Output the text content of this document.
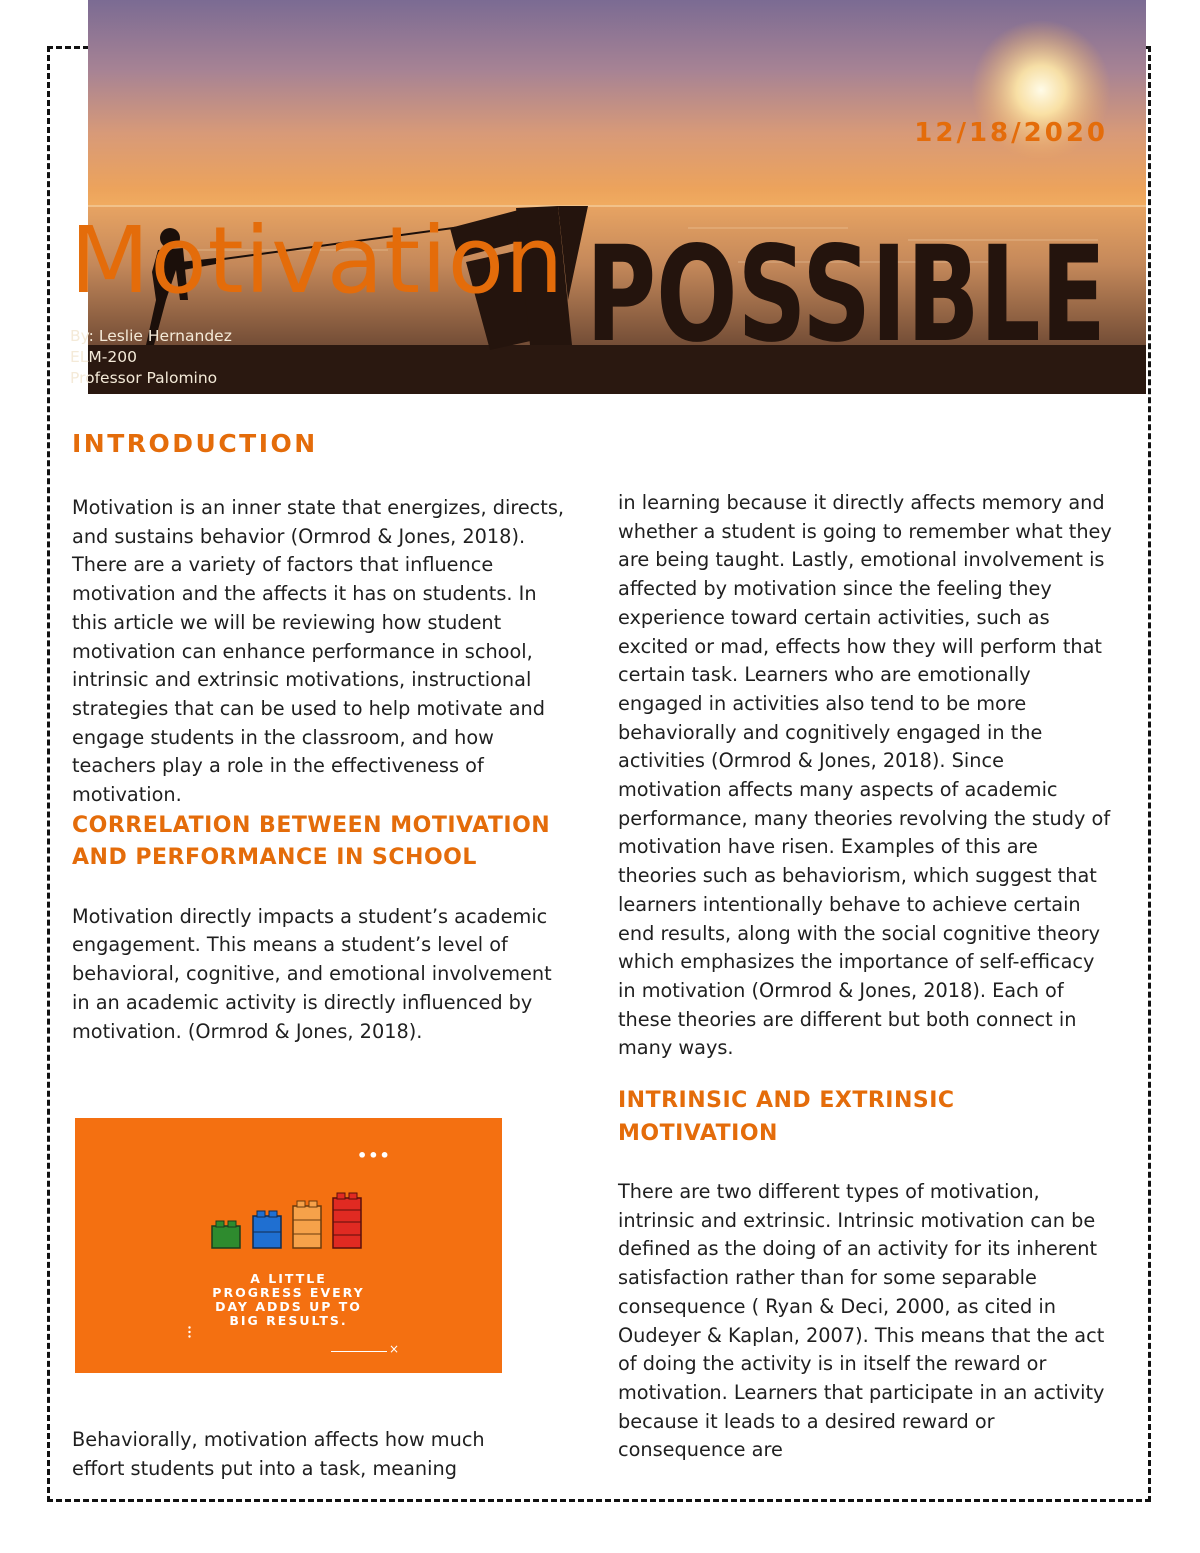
POSSIBLE
12/18/2020
Motivation
By: Leslie Hernandez
ELM-200
Professor Palomino
INTRODUCTION

Motivation is an inner state that energizes, directs, and sustains behavior (Ormrod & Jones, 2018). There are a variety of factors that influence motivation and the affects it has on students. In this article we will be reviewing how student motivation can enhance performance in school, intrinsic and extrinsic motivations, instructional strategies that can be used to help motivate and engage students in the classroom, and how teachers play a role in the effectiveness of motivation.

CORRELATION BETWEEN MOTIVATION AND PERFORMANCE IN SCHOOL

Motivation directly impacts a student’s academic engagement. This means a student’s level of behavioral, cognitive, and emotional involvement in an academic activity is directly influenced by motivation. (Ormrod & Jones, 2018).

•••
A LITTLE
PROGRESS EVERY
DAY ADDS UP TO
BIG RESULTS.
×

Behaviorally, motivation affects how much effort students put into a task, meaning

in learning because it directly affects memory and whether a student is going to remember what they are being taught. Lastly, emotional involvement is affected by motivation since the feeling they experience toward certain activities, such as excited or mad, effects how they will perform that certain task. Learners who are emotionally engaged in activities also tend to be more behaviorally and cognitively engaged in the activities (Ormrod & Jones, 2018). Since motivation affects many aspects of academic performance, many theories revolving the study of motivation have risen. Examples of this are theories such as behaviorism, which suggest that learners intentionally behave to achieve certain end results, along with the social cognitive theory which emphasizes the importance of self-efficacy in motivation (Ormrod & Jones, 2018). Each of these theories are different but both connect in many ways.

INTRINSIC AND EXTRINSIC MOTIVATION

There are two different types of motivation, intrinsic and extrinsic. Intrinsic motivation can be defined as the doing of an activity for its inherent satisfaction rather than for some separable consequence ( Ryan & Deci, 2000, as cited in Oudeyer & Kaplan, 2007). This means that the act of doing the activity is in itself the reward or motivation. Learners that participate in an activity because it leads to a desired reward or consequence are
